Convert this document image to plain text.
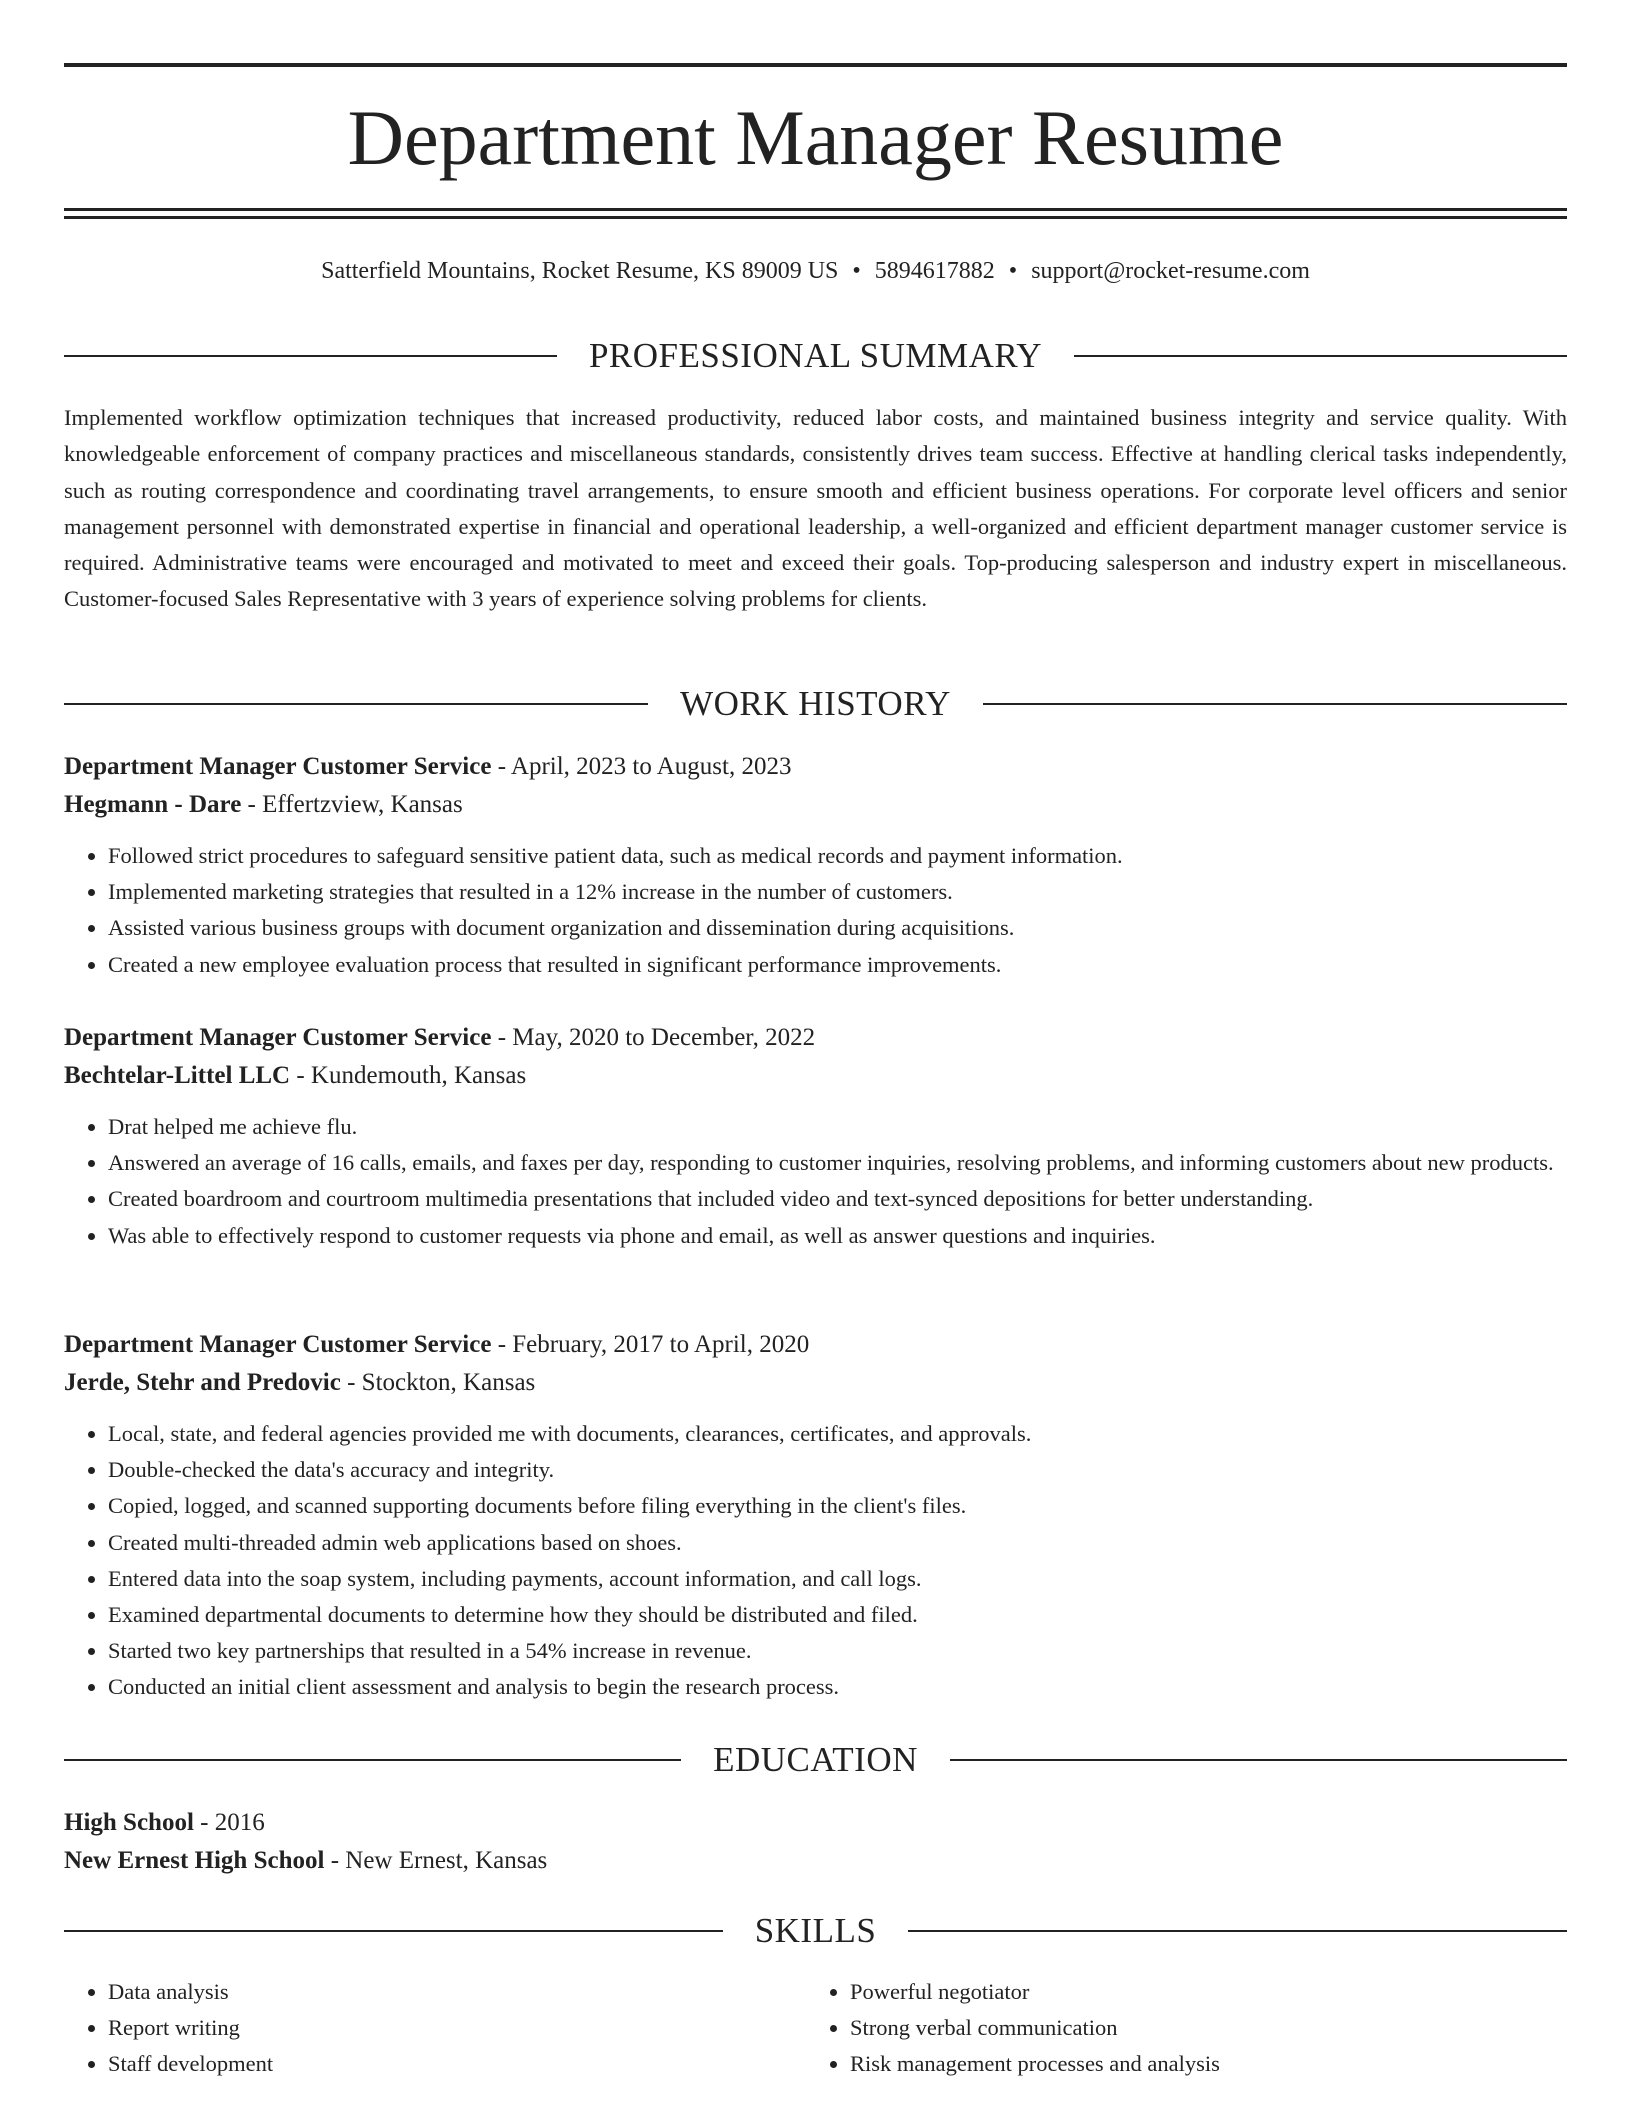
Department Manager Resume
Satterfield Mountains, Rocket Resume, KS 89009 US • 5894617882 • support@rocket-resume.com
PROFESSIONAL SUMMARY

Implemented workflow optimization techniques that increased productivity, reduced labor costs, and maintained business integrity and service quality. With knowledgeable enforcement of company practices and miscellaneous standards, consistently drives team success. Effective at handling clerical tasks independently, such as routing correspondence and coordinating travel arrangements, to ensure smooth and efficient business operations. For corporate level officers and senior management personnel with demonstrated expertise in financial and operational leadership, a well-organized and efficient department manager customer service is required. Administrative teams were encouraged and motivated to meet and exceed their goals. Top-producing salesperson and industry expert in miscellaneous. Customer-focused Sales Representative with 3 years of experience solving problems for clients.

WORK HISTORY
Department Manager Customer Service - April, 2023 to August, 2023
Hegmann - Dare - Effertzview, Kansas
• Followed strict procedures to safeguard sensitive patient data, such as medical records and payment information.
• Implemented marketing strategies that resulted in a 12% increase in the number of customers.
• Assisted various business groups with document organization and dissemination during acquisitions.
• Created a new employee evaluation process that resulted in significant performance improvements.
Department Manager Customer Service - May, 2020 to December, 2022
Bechtelar-Littel LLC - Kundemouth, Kansas
• Drat helped me achieve flu.
• Answered an average of 16 calls, emails, and faxes per day, responding to customer inquiries, resolving problems, and informing customers about new products.
• Created boardroom and courtroom multimedia presentations that included video and text-synced depositions for better understanding.
• Was able to effectively respond to customer requests via phone and email, as well as answer questions and inquiries.
Department Manager Customer Service - February, 2017 to April, 2020
Jerde, Stehr and Predovic - Stockton, Kansas
• Local, state, and federal agencies provided me with documents, clearances, certificates, and approvals.
• Double-checked the data's accuracy and integrity.
• Copied, logged, and scanned supporting documents before filing everything in the client's files.
• Created multi-threaded admin web applications based on shoes.
• Entered data into the soap system, including payments, account information, and call logs.
• Examined departmental documents to determine how they should be distributed and filed.
• Started two key partnerships that resulted in a 54% increase in revenue.
• Conducted an initial client assessment and analysis to begin the research process.
EDUCATION
High School - 2016
New Ernest High School - New Ernest, Kansas
SKILLS
• Data analysis
• Report writing
• Staff development
• Powerful negotiator
• Strong verbal communication
• Risk management processes and analysis
